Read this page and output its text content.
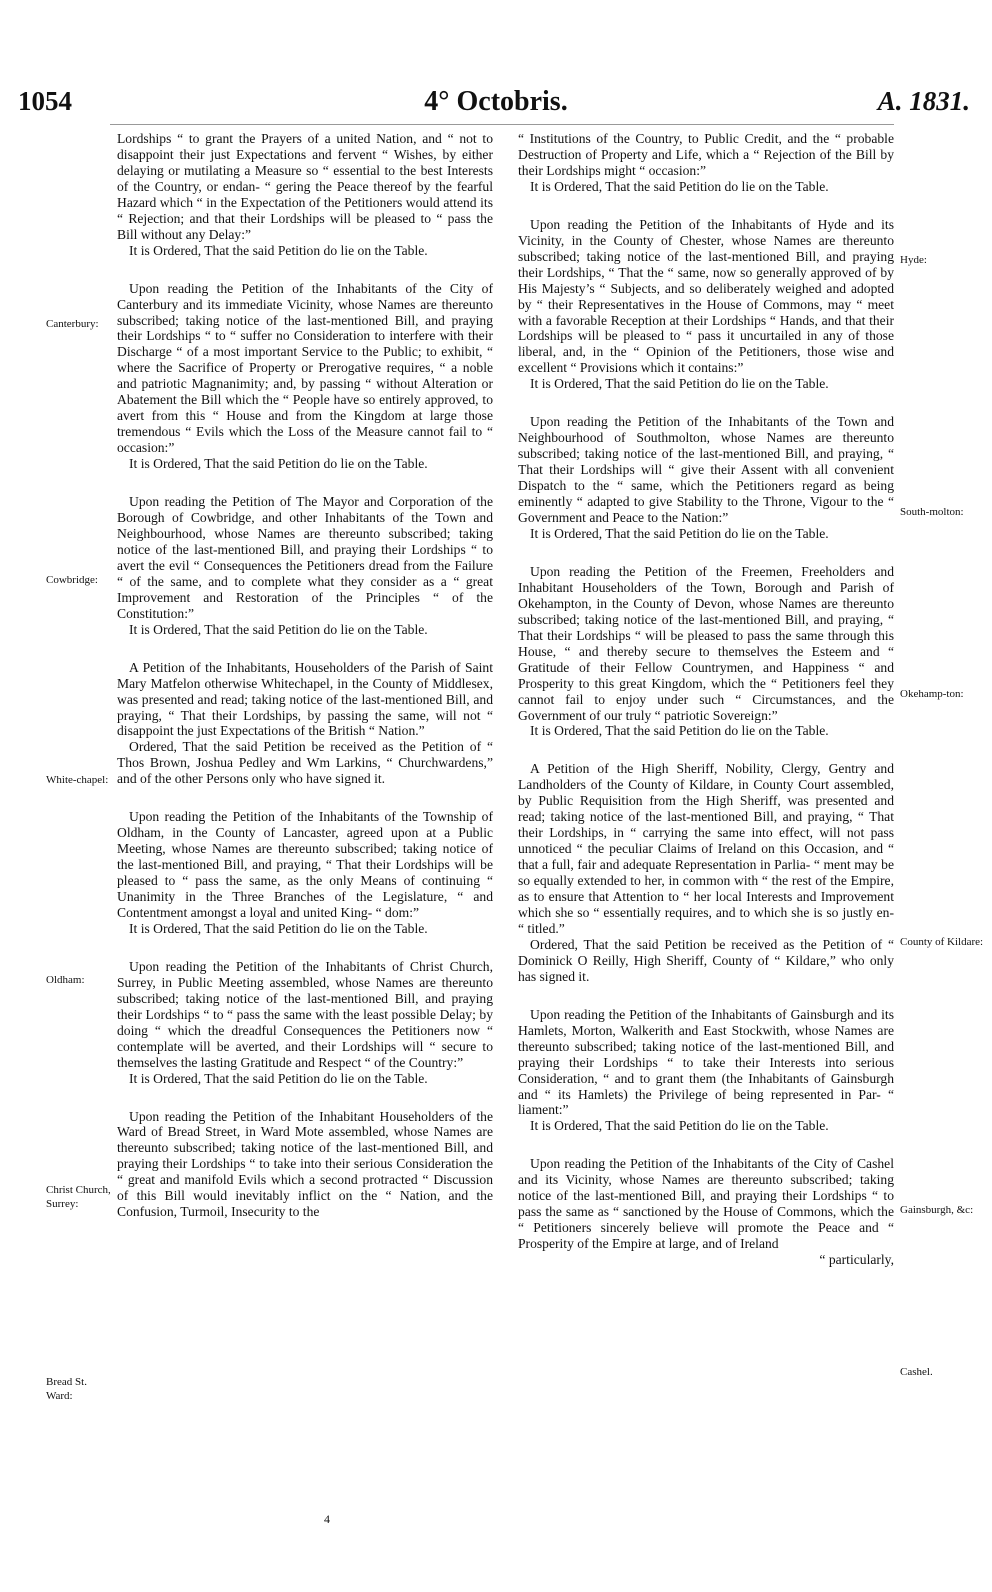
1054	4° Octobris.	A. 1831.
Canterbury:
Cowbridge:
White-chapel:
Oldham:
Christ Church, Surrey:
Bread St. Ward:
Hyde:
South-molton:
Okehamp-ton:
County of Kildare:
Gainsburgh, &c:
Cashel.

Lordships “ to grant the Prayers of a united Nation, and “ not to disappoint their just Expectations and fervent “ Wishes, by either delaying or mutilating a Measure so “ essential to the best Interests of the Country, or endan- “ gering the Peace thereof by the fearful Hazard which “ in the Expectation of the Petitioners would attend its “ Rejection; and that their Lordships will be pleased to “ pass the Bill without any Delay:”

It is Ordered, That the said Petition do lie on the Table.

Upon reading the Petition of the Inhabitants of the City of Canterbury and its immediate Vicinity, whose Names are thereunto subscribed; taking notice of the last-mentioned Bill, and praying their Lordships “ to “ suffer no Consideration to interfere with their Discharge “ of a most important Service to the Public; to exhibit, “ where the Sacrifice of Property or Prerogative requires, “ a noble and patriotic Magnanimity; and, by passing “ without Alteration or Abatement the Bill which the “ People have so entirely approved, to avert from this “ House and from the Kingdom at large those tremendous “ Evils which the Loss of the Measure cannot fail to “ occasion:”

It is Ordered, That the said Petition do lie on the Table.

Upon reading the Petition of The Mayor and Corporation of the Borough of Cowbridge, and other Inhabitants of the Town and Neighbourhood, whose Names are thereunto subscribed; taking notice of the last-mentioned Bill, and praying their Lordships “ to avert the evil “ Consequences the Petitioners dread from the Failure “ of the same, and to complete what they consider as a “ great Improvement and Restoration of the Principles “ of the Constitution:”

It is Ordered, That the said Petition do lie on the Table.

A Petition of the Inhabitants, Householders of the Parish of Saint Mary Matfelon otherwise Whitechapel, in the County of Middlesex, was presented and read; taking notice of the last-mentioned Bill, and praying, “ That their Lordships, by passing the same, will not “ disappoint the just Expectations of the British “ Nation.”

Ordered, That the said Petition be received as the Petition of “ Thos Brown, Joshua Pedley and Wm Larkins, “ Churchwardens,” and of the other Persons only who have signed it.

Upon reading the Petition of the Inhabitants of the Township of Oldham, in the County of Lancaster, agreed upon at a Public Meeting, whose Names are thereunto subscribed; taking notice of the last-mentioned Bill, and praying, “ That their Lordships will be pleased to “ pass the same, as the only Means of continuing “ Unanimity in the Three Branches of the Legislature, “ and Contentment amongst a loyal and united King- “ dom:”

It is Ordered, That the said Petition do lie on the Table.

Upon reading the Petition of the Inhabitants of Christ Church, Surrey, in Public Meeting assembled, whose Names are thereunto subscribed; taking notice of the last-mentioned Bill, and praying their Lordships “ to “ pass the same with the least possible Delay; by doing “ which the dreadful Consequences the Petitioners now “ contemplate will be averted, and their Lordships will “ secure to themselves the lasting Gratitude and Respect “ of the Country:”

It is Ordered, That the said Petition do lie on the Table.

Upon reading the Petition of the Inhabitant Householders of the Ward of Bread Street, in Ward Mote assembled, whose Names are thereunto subscribed; taking notice of the last-mentioned Bill, and praying their Lordships “ to take into their serious Consideration the “ great and manifold Evils which a second protracted “ Discussion of this Bill would inevitably inflict on the “ Nation, and the Confusion, Turmoil, Insecurity to the

“ Institutions of the Country, to Public Credit, and the “ probable Destruction of Property and Life, which a “ Rejection of the Bill by their Lordships might “ occasion:”

It is Ordered, That the said Petition do lie on the Table.

Upon reading the Petition of the Inhabitants of Hyde and its Vicinity, in the County of Chester, whose Names are thereunto subscribed; taking notice of the last-mentioned Bill, and praying their Lordships, “ That the “ same, now so generally approved of by His Majesty’s “ Subjects, and so deliberately weighed and adopted by “ their Representatives in the House of Commons, may “ meet with a favorable Reception at their Lordships “ Hands, and that their Lordships will be pleased to “ pass it uncurtailed in any of those liberal, and, in the “ Opinion of the Petitioners, those wise and excellent “ Provisions which it contains:”

It is Ordered, That the said Petition do lie on the Table.

Upon reading the Petition of the Inhabitants of the Town and Neighbourhood of Southmolton, whose Names are thereunto subscribed; taking notice of the last-mentioned Bill, and praying, “ That their Lordships will “ give their Assent with all convenient Dispatch to the “ same, which the Petitioners regard as being eminently “ adapted to give Stability to the Throne, Vigour to the “ Government and Peace to the Nation:”

It is Ordered, That the said Petition do lie on the Table.

Upon reading the Petition of the Freemen, Freeholders and Inhabitant Householders of the Town, Borough and Parish of Okehampton, in the County of Devon, whose Names are thereunto subscribed; taking notice of the last-mentioned Bill, and praying, “ That their Lordships “ will be pleased to pass the same through this House, “ and thereby secure to themselves the Esteem and “ Gratitude of their Fellow Countrymen, and Happiness “ and Prosperity to this great Kingdom, which the “ Petitioners feel they cannot fail to enjoy under such “ Circumstances, and the Government of our truly “ patriotic Sovereign:”

It is Ordered, That the said Petition do lie on the Table.

A Petition of the High Sheriff, Nobility, Clergy, Gentry and Landholders of the County of Kildare, in County Court assembled, by Public Requisition from the High Sheriff, was presented and read; taking notice of the last-mentioned Bill, and praying, “ That their Lordships, in “ carrying the same into effect, will not pass unnoticed “ the peculiar Claims of Ireland on this Occasion, and “ that a full, fair and adequate Representation in Parlia- “ ment may be so equally extended to her, in common with “ the rest of the Empire, as to ensure that Attention to “ her local Interests and Improvement which she so “ essentially requires, and to which she is so justly en- “ titled.”

Ordered, That the said Petition be received as the Petition of “ Dominick O Reilly, High Sheriff, County of “ Kildare,” who only has signed it.

Upon reading the Petition of the Inhabitants of Gainsburgh and its Hamlets, Morton, Walkerith and East Stockwith, whose Names are thereunto subscribed; taking notice of the last-mentioned Bill, and praying their Lordships “ to take their Interests into serious Consideration, “ and to grant them (the Inhabitants of Gainsburgh and “ its Hamlets) the Privilege of being represented in Par- “ liament:”

It is Ordered, That the said Petition do lie on the Table.

Upon reading the Petition of the Inhabitants of the City of Cashel and its Vicinity, whose Names are thereunto subscribed; taking notice of the last-mentioned Bill, and praying their Lordships “ to pass the same as “ sanctioned by the House of Commons, which the “ Petitioners sincerely believe will promote the Peace and “ Prosperity of the Empire at large, and of Ireland

“ particularly,

4
